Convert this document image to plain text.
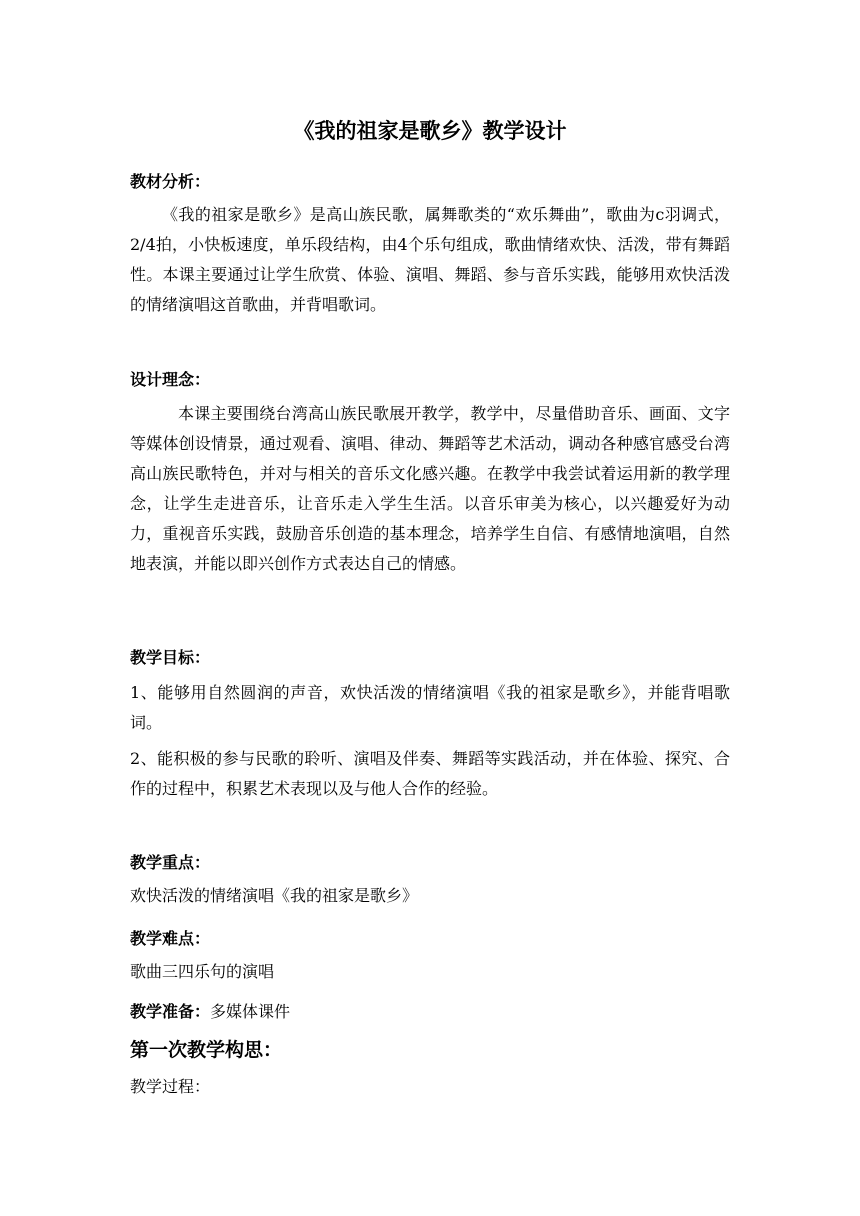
《我的祖家是歌乡》教学设计
教材分析：
《我的祖家是歌乡》是高山族民歌，属舞歌类的“欢乐舞曲”，歌曲为c羽调式，2/4拍，小快板速度，单乐段结构，由4个乐句组成，歌曲情绪欢快、活泼，带有舞蹈性。本课主要通过让学生欣赏、体验、演唱、舞蹈、参与音乐实践，能够用欢快活泼的情绪演唱这首歌曲，并背唱歌词。
设计理念：
本课主要围绕台湾高山族民歌展开教学，教学中，尽量借助音乐、画面、文字等媒体创设情景，通过观看、演唱、律动、舞蹈等艺术活动，调动各种感官感受台湾高山族民歌特色，并对与相关的音乐文化感兴趣。在教学中我尝试着运用新的教学理念，让学生走进音乐，让音乐走入学生生活。以音乐审美为核心，以兴趣爱好为动力，重视音乐实践，鼓励音乐创造的基本理念，培养学生自信、有感情地演唱，自然地表演，并能以即兴创作方式表达自己的情感。
教学目标：
1、能够用自然圆润的声音，欢快活泼的情绪演唱《我的祖家是歌乡》，并能背唱歌词。
2、能积极的参与民歌的聆听、演唱及伴奏、舞蹈等实践活动，并在体验、探究、合作的过程中，积累艺术表现以及与他人合作的经验。
教学重点：
欢快活泼的情绪演唱《我的祖家是歌乡》
教学难点：
歌曲三四乐句的演唱
教学准备：多媒体课件
第一次教学构思：
教学过程：
